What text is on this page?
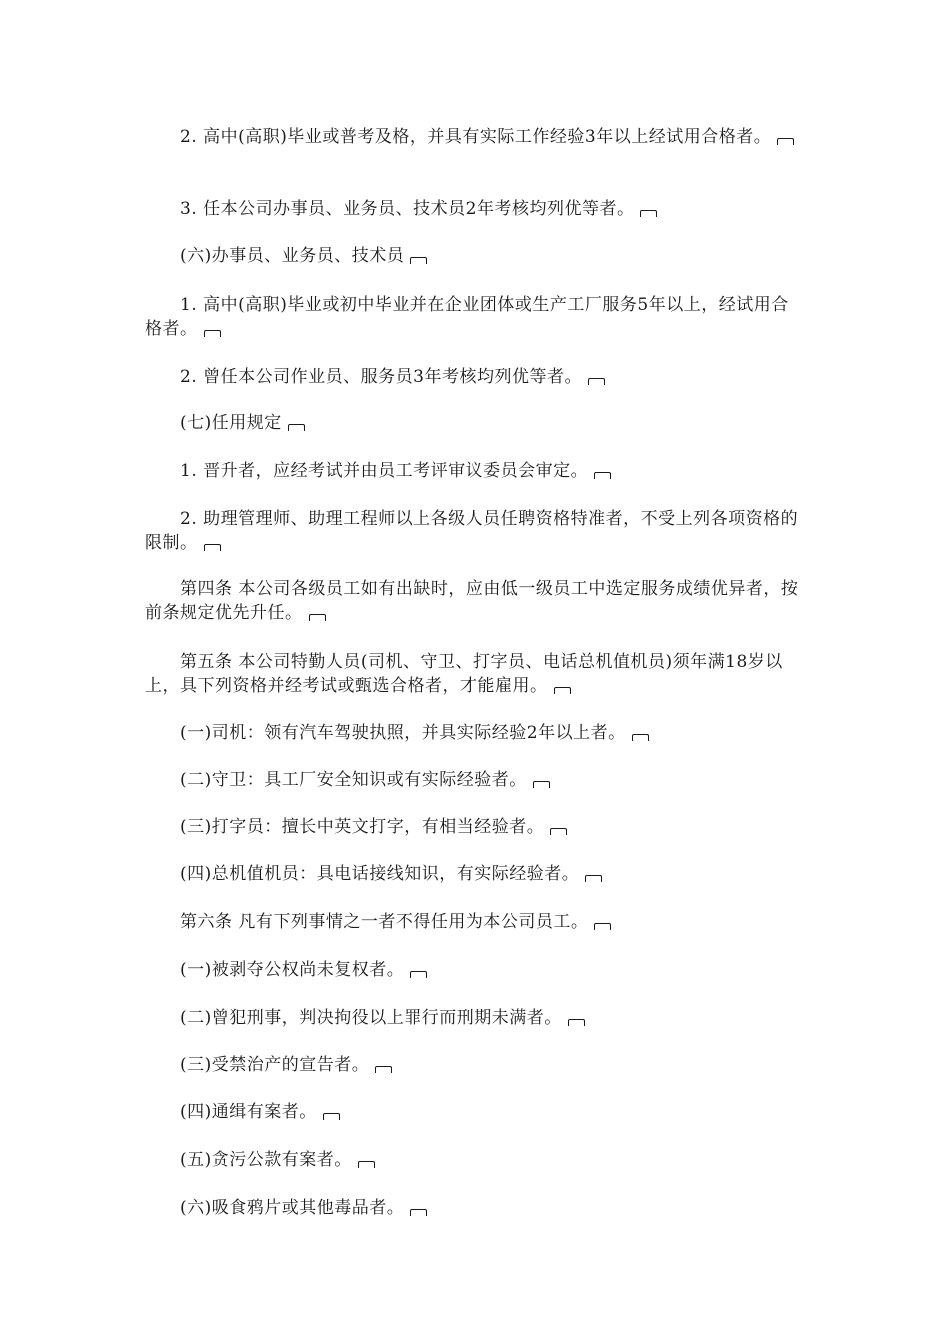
2. 高中(高职)毕业或普考及格，并具有实际工作经验3年以上经试用合格者。

3. 任本公司办事员、业务员、技术员2年考核均列优等者。

(六)办事员、业务员、技术员

1. 高中(高职)毕业或初中毕业并在企业团体或生产工厂服务5年以上，经试用合格者。

2. 曾任本公司作业员、服务员3年考核均列优等者。

(七)任用规定

1. 晋升者，应经考试并由员工考评审议委员会审定。

2. 助理管理师、助理工程师以上各级人员任聘资格特准者，不受上列各项资格的限制。

第四条 本公司各级员工如有出缺时，应由低一级员工中选定服务成绩优异者，按前条规定优先升任。

第五条 本公司特勤人员(司机、守卫、打字员、电话总机值机员)须年满18岁以上，具下列资格并经考试或甄选合格者，才能雇用。

(一)司机：领有汽车驾驶执照，并具实际经验2年以上者。

(二)守卫：具工厂安全知识或有实际经验者。

(三)打字员：擅长中英文打字，有相当经验者。

(四)总机值机员：具电话接线知识，有实际经验者。

第六条 凡有下列事情之一者不得任用为本公司员工。

(一)被剥夺公权尚未复权者。

(二)曾犯刑事，判决拘役以上罪行而刑期未满者。

(三)受禁治产的宣告者。

(四)通缉有案者。

(五)贪污公款有案者。

(六)吸食鸦片或其他毒品者。
